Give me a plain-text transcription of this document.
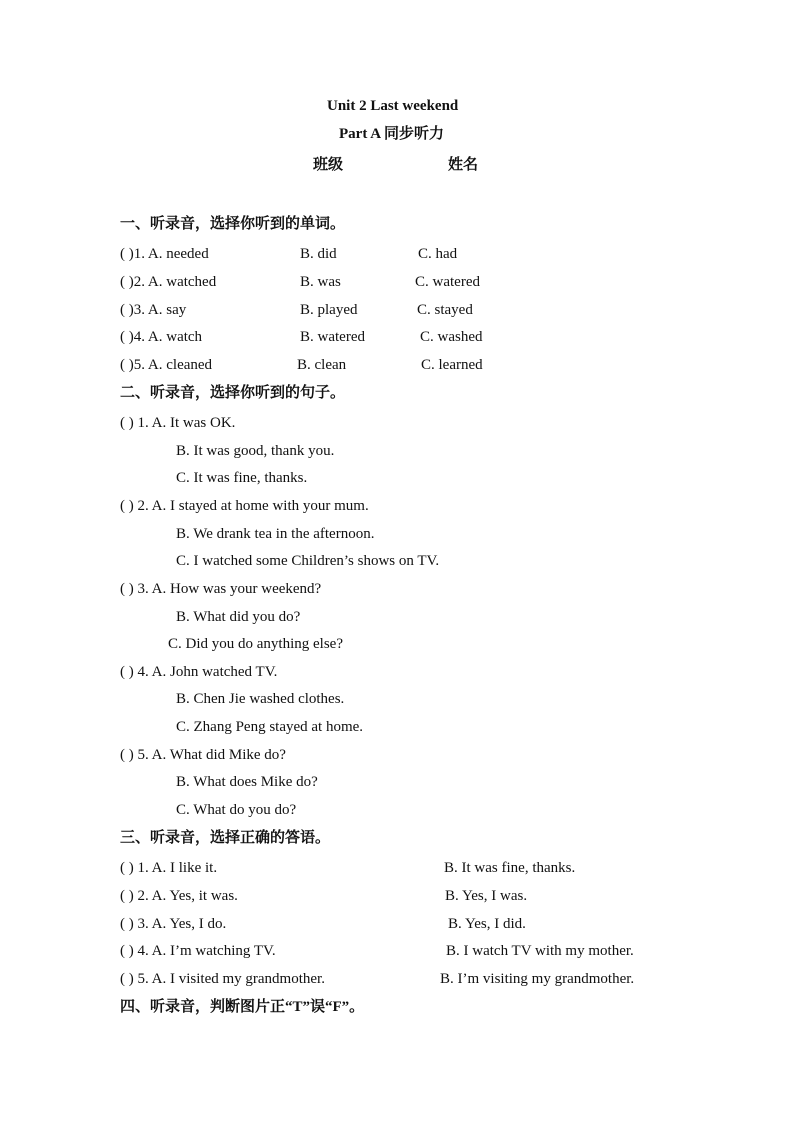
Unit 2 Last weekend
Part A 同步听力
班级	姓名
一、听录音，选择你听到的单词。
( )1. A. needed	B. did	C. had
( )2. A. watched	B. was	C. watered
( )3. A. say	B. played	C. stayed
( )4. A. watch	B. watered	C. washed
( )5. A. cleaned	B. clean	C. learned
二、听录音，选择你听到的句子。
( ) 1. A. It was OK.
B. It was good, thank you.
C. It was fine, thanks.
( ) 2. A. I stayed at home with your mum.
B. We drank tea in the afternoon.
C. I watched some Children’s shows on TV.
( ) 3. A. How was your weekend?
B. What did you do?
C. Did you do anything else?
( ) 4. A. John watched TV.
B. Chen Jie washed clothes.
C. Zhang Peng stayed at home.
( ) 5. A. What did Mike do?
B. What does Mike do?
C. What do you do?
三、听录音，选择正确的答语。
( ) 1. A. I like it.	B. It was fine, thanks.
( ) 2. A. Yes, it was.	B. Yes, I was.
( ) 3. A. Yes, I do.	B. Yes, I did.
( ) 4. A. I’m watching TV.	B. I watch TV with my mother.
( ) 5. A. I visited my grandmother.	B. I’m visiting my grandmother.
四、听录音，判断图片正“T”误“F”。
